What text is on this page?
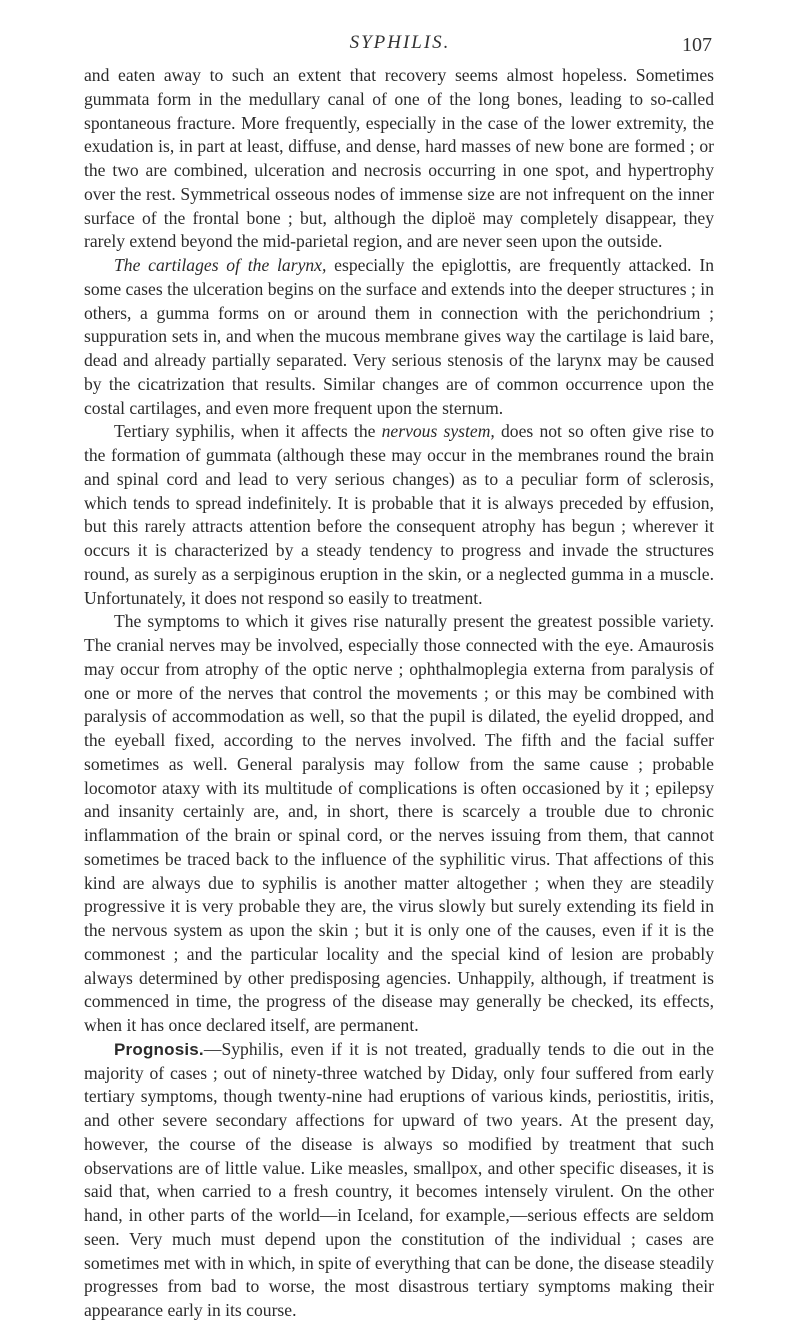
SYPHILIS.	107

and eaten away to such an extent that recovery seems almost hopeless. Sometimes gummata form in the medullary canal of one of the long bones, leading to so-called spontaneous fracture. More frequently, especially in the case of the lower extremity, the exudation is, in part at least, diffuse, and dense, hard masses of new bone are formed ; or the two are combined, ulceration and necrosis occurring in one spot, and hypertrophy over the rest. Symmetrical osseous nodes of immense size are not infrequent on the inner surface of the frontal bone ; but, although the diploë may completely disappear, they rarely extend beyond the mid-parietal region, and are never seen upon the outside.

The cartilages of the larynx, especially the epiglottis, are frequently attacked. In some cases the ulceration begins on the surface and extends into the deeper structures ; in others, a gumma forms on or around them in connection with the perichondrium ; suppuration sets in, and when the mucous membrane gives way the cartilage is laid bare, dead and already partially separated. Very serious stenosis of the larynx may be caused by the cicatrization that results. Similar changes are of common occurrence upon the costal cartilages, and even more frequent upon the sternum.

Tertiary syphilis, when it affects the nervous system, does not so often give rise to the formation of gummata (although these may occur in the membranes round the brain and spinal cord and lead to very serious changes) as to a peculiar form of sclerosis, which tends to spread indefinitely. It is probable that it is always preceded by effusion, but this rarely attracts attention before the consequent atrophy has begun ; wherever it occurs it is characterized by a steady tendency to progress and invade the structures round, as surely as a serpiginous eruption in the skin, or a neglected gumma in a muscle. Unfortunately, it does not respond so easily to treatment.

The symptoms to which it gives rise naturally present the greatest possible variety. The cranial nerves may be involved, especially those connected with the eye. Amaurosis may occur from atrophy of the optic nerve ; ophthalmoplegia externa from paralysis of one or more of the nerves that control the movements ; or this may be combined with paralysis of accommodation as well, so that the pupil is dilated, the eyelid dropped, and the eyeball fixed, according to the nerves involved. The fifth and the facial suffer sometimes as well. General paralysis may follow from the same cause ; probable locomotor ataxy with its multitude of complications is often occasioned by it ; epilepsy and insanity certainly are, and, in short, there is scarcely a trouble due to chronic inflammation of the brain or spinal cord, or the nerves issuing from them, that cannot sometimes be traced back to the influence of the syphilitic virus. That affections of this kind are always due to syphilis is another matter altogether ; when they are steadily progressive it is very probable they are, the virus slowly but surely extending its field in the nervous system as upon the skin ; but it is only one of the causes, even if it is the commonest ; and the particular locality and the special kind of lesion are probably always determined by other predisposing agencies. Unhappily, although, if treatment is commenced in time, the progress of the disease may generally be checked, its effects, when it has once declared itself, are permanent.

Prognosis.—Syphilis, even if it is not treated, gradually tends to die out in the majority of cases ; out of ninety-three watched by Diday, only four suffered from early tertiary symptoms, though twenty-nine had eruptions of various kinds, periostitis, iritis, and other severe secondary affections for upward of two years. At the present day, however, the course of the disease is always so modified by treatment that such observations are of little value. Like measles, smallpox, and other specific diseases, it is said that, when carried to a fresh country, it becomes intensely virulent. On the other hand, in other parts of the world—in Iceland, for example,—serious effects are seldom seen. Very much must depend upon the constitution of the individual ; cases are sometimes met with in which, in spite of everything that can be done, the disease steadily progresses from bad to worse, the most disastrous tertiary symptoms making their appearance early in its course.
